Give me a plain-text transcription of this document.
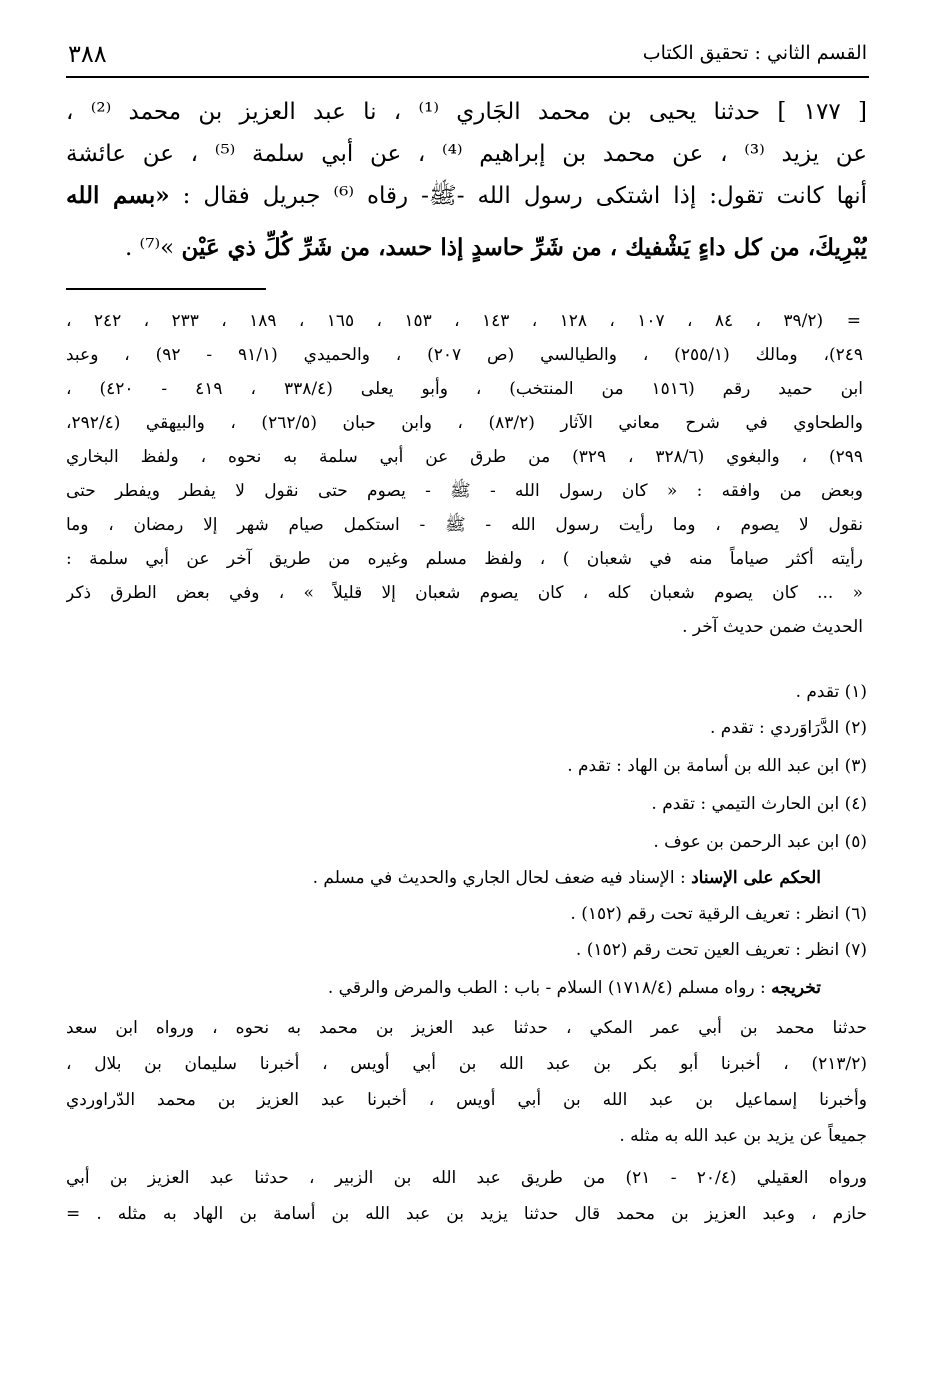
القسم الثاني : تحقيق الكتاب
٣٨٨
[ ١٧٧ ] حدثنا يحيى بن محمد الجَاري ⁽¹⁾ ، نا عبد العزيز بن محمد ⁽²⁾ ،
عن يزيد ⁽³⁾ ، عن محمد بن إبراهيم ⁽⁴⁾ ، عن أبي سلمة ⁽⁵⁾ ، عن عائشة
أنها كانت تقول: إذا اشتكى رسول الله -ﷺ- رقاه ⁽⁶⁾ جبريل فقال : «بسم الله
يُبْرِيكَ، من كل داءٍ يَشْفيك ، من شَرِّ حاسدٍ إذا حسد، من شَرِّ كُلِّ ذي عَيْن »⁽⁷⁾ .
=
(٣٩/٢ ، ٨٤ ، ١٠٧ ، ١٢٨ ، ١٤٣ ، ١٥٣ ، ١٦٥ ، ١٨٩ ، ٢٣٣ ، ٢٤٢ ،
٢٤٩)، ومالك (٢٥٥/١) ، والطيالسي (ص ٢٠٧) ، والحميدي (٩١/١ - ٩٢) ، وعبد
ابن حميد رقم (١٥١٦ من المنتخب) ، وأبو يعلى (٣٣٨/٤ ، ٤١٩ - ٤٢٠) ،
والطحاوي في شرح معاني الآثار (٨٣/٢) ، وابن حبان (٢٦٢/٥) ، والبيهقي (٢٩٢/٤،
٢٩٩) ، والبغوي (٣٢٨/٦ ، ٣٢٩) من طرق عن أبي سلمة به نحوه ، ولفظ البخاري
وبعض من وافقه : « كان رسول الله - ﷺ - يصوم حتى نقول لا يفطر ويفطر حتى
نقول لا يصوم ، وما رأيت رسول الله - ﷺ - استكمل صيام شهر إلا رمضان ، وما
رأيته أكثر صياماً منه في شعبان ) ، ولفظ مسلم وغيره من طريق آخر عن أبي سلمة :
« ... كان يصوم شعبان كله ، كان يصوم شعبان إلا قليلاً » ، وفي بعض الطرق ذكر
الحديث ضمن حديث آخر .
(١) تقدم .
(٢) الدَّرَاوَردي : تقدم .
(٣) ابن عبد الله بن أسامة بن الهاد : تقدم .
(٤) ابن الحارث التيمي : تقدم .
(٥) ابن عبد الرحمن بن عوف .
الحكم على الإسناد : الإسناد فيه ضعف لحال الجاري والحديث في مسلم .
(٦) انظر : تعريف الرقية تحت رقم (١٥٢) .
(٧) انظر : تعريف العين تحت رقم (١٥٢) .
تخريجه : رواه مسلم (١٧١٨/٤) السلام - باب : الطب والمرض والرقي .
حدثنا محمد بن أبي عمر المكي ، حدثنا عبد العزيز بن محمد به نحوه ، ورواه ابن سعد
(٢١٣/٢) ، أخبرنا أبو بكر بن عبد الله بن أبي أويس ، أخبرنا سليمان بن بلال ،
وأخبرنا إسماعيل بن عبد الله بن أبي أويس ، أخبرنا عبد العزيز بن محمد الدّراوردي
جميعاً عن يزيد بن عبد الله به مثله .
ورواه العقيلي (٢٠/٤ - ٢١) من طريق عبد الله بن الزبير ، حدثنا عبد العزيز بن أبي
حازم ، وعبد العزيز بن محمد قال حدثنا يزيد بن عبد الله بن أسامة بن الهاد به مثله . =
